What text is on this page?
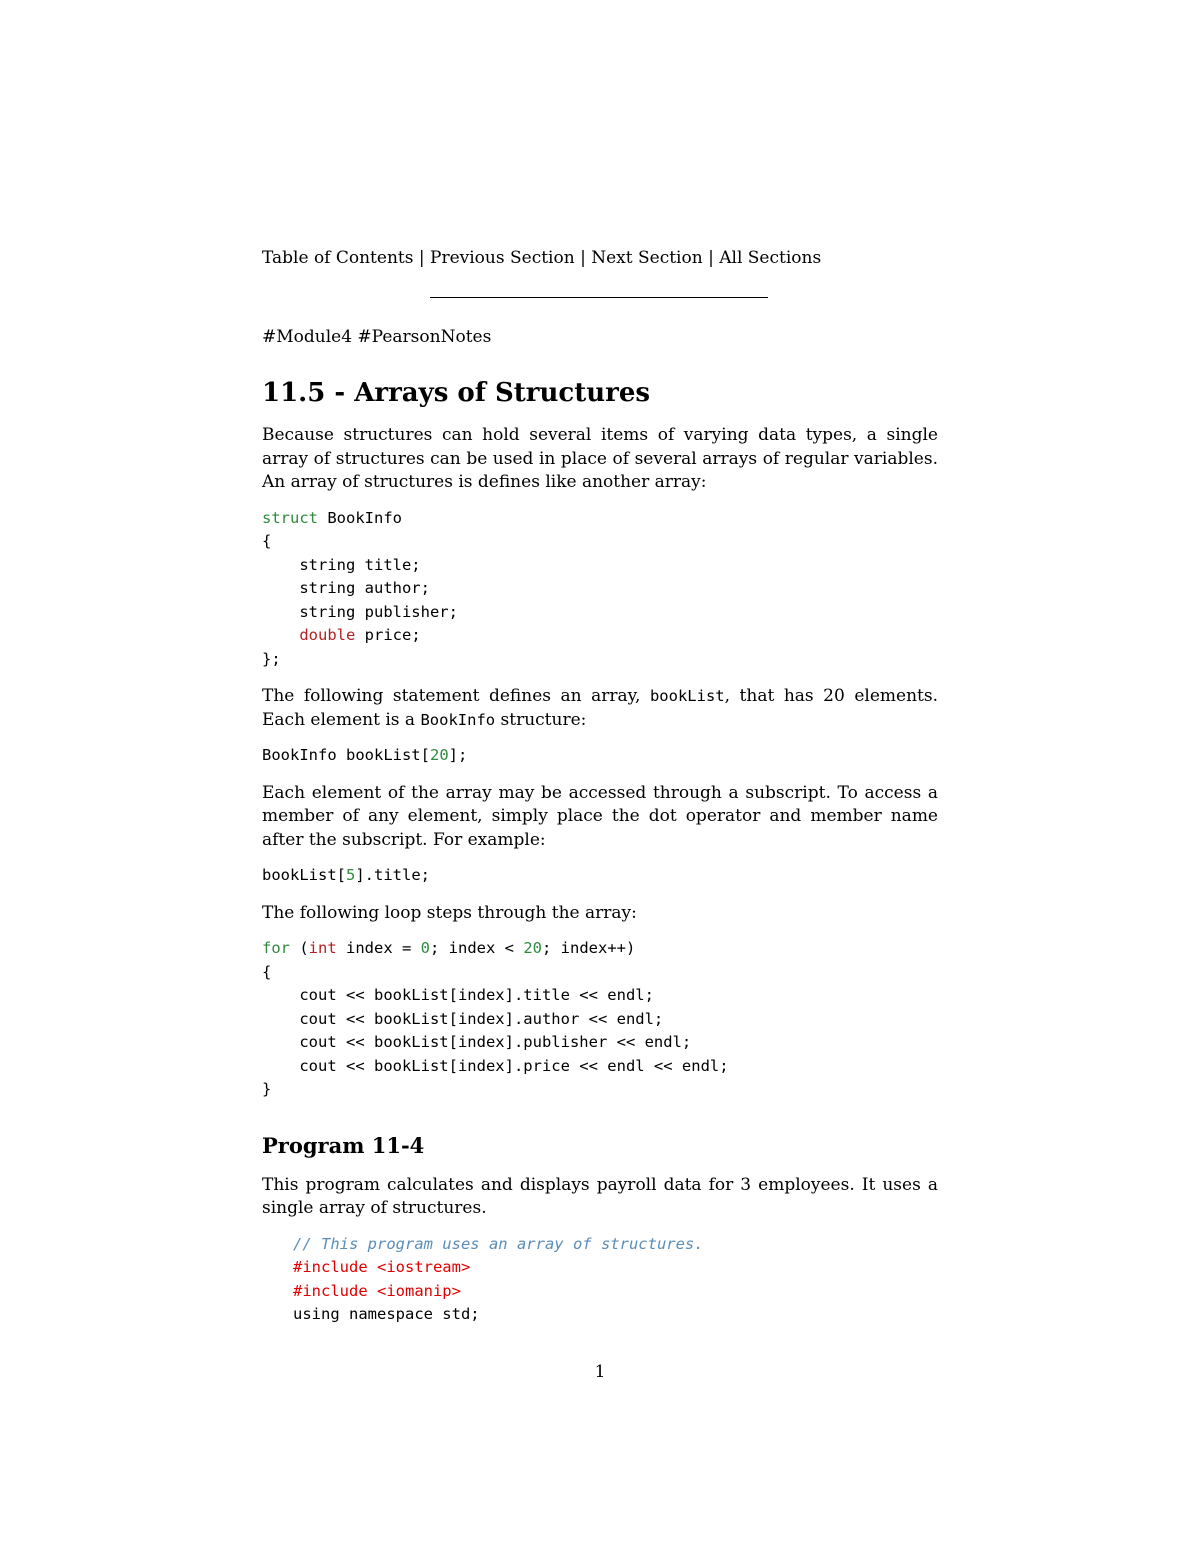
Table of Contents | Previous Section | Next Section | All Sections
#Module4 #PearsonNotes
11.5 - Arrays of Structures

Because structures can hold several items of varying data types, a single array of structures can be used in place of several arrays of regular variables. An array of structures is defines like another array:

struct BookInfo
{
string title;
string author;
string publisher;
double price;
};

The following statement defines an array, bookList, that has 20 elements. Each element is a BookInfo structure:

BookInfo bookList[20];

Each element of the array may be accessed through a subscript. To access a member of any element, simply place the dot operator and member name after the subscript. For example:

bookList[5].title;

The following loop steps through the array:

for (int index = 0; index < 20; index++)
{
cout << bookList[index].title << endl;
cout << bookList[index].author << endl;
cout << bookList[index].publisher << endl;
cout << bookList[index].price << endl << endl;
}
Program 11-4

This program calculates and displays payroll data for 3 employees. It uses a single array of structures.

// This program uses an array of structures.
#include <iostream>
#include <iomanip>
using namespace std;
1
